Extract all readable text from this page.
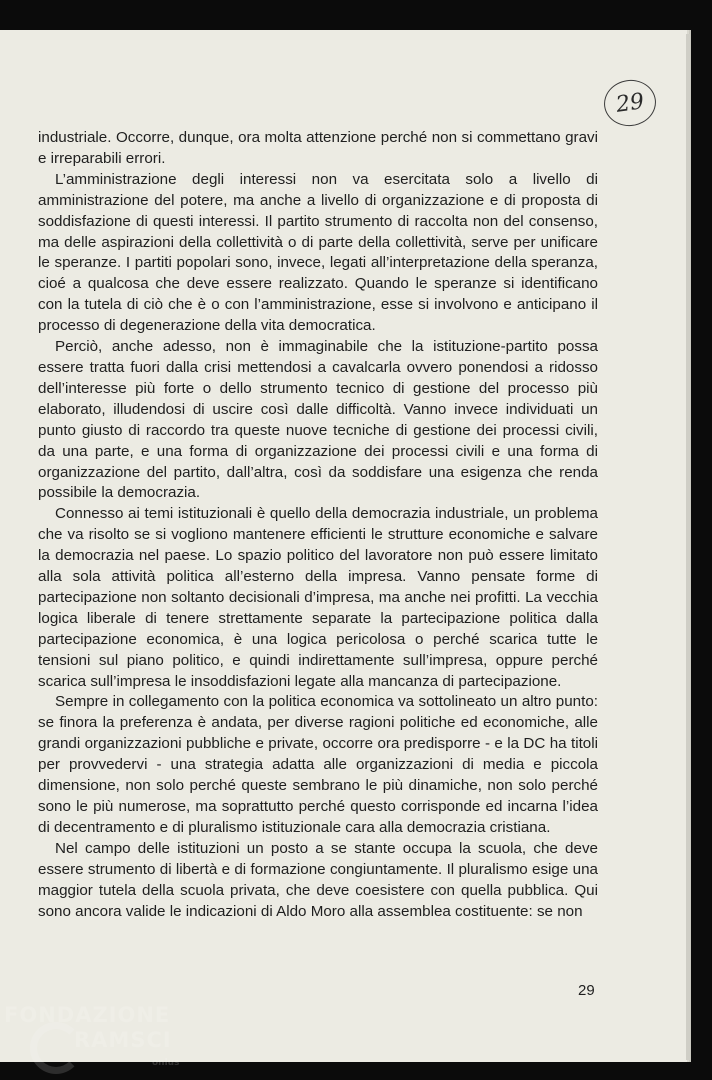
29

industriale. Occorre, dunque, ora molta attenzione perché non si commettano gravi e irreparabili errori.

L’amministrazione degli interessi non va esercitata solo a livello di amministrazione del potere, ma anche a livello di organizzazione e di proposta di soddisfazione di questi interessi. Il partito strumento di raccolta non del consenso, ma delle aspirazioni della collettività o di parte della collettività, serve per unificare le speranze. I partiti popolari sono, invece, legati all’interpretazione della speranza, cioé a qualcosa che deve essere realizzato. Quando le speranze si identificano con la tutela di ciò che è o con l’amministrazione, esse si involvono e anticipano il processo di degenerazione della vita democratica.

Perciò, anche adesso, non è immaginabile che la istituzione-partito possa essere tratta fuori dalla crisi mettendosi a cavalcarla ovvero ponendosi a ridosso dell’interesse più forte o dello strumento tecnico di gestione del processo più elaborato, illudendosi di uscire così dalle difficoltà. Vanno invece individuati un punto giusto di raccordo tra queste nuove tecniche di gestione dei processi civili, da una parte, e una forma di organizzazione dei processi civili e una forma di organizzazione del partito, dall’altra, così da soddisfare una esigenza che renda possibile la democrazia.

Connesso ai temi istituzionali è quello della democrazia industriale, un problema che va risolto se si vogliono mantenere efficienti le strutture economiche e salvare la democrazia nel paese. Lo spazio politico del lavoratore non può essere limitato alla sola attività politica all’esterno della impresa. Vanno pensate forme di partecipazione non soltanto decisionali d’impresa, ma anche nei profitti. La vecchia logica liberale di tenere strettamente separate la partecipazione politica dalla partecipazione economica, è una logica pericolosa o perché scarica tutte le tensioni sul piano politico, e quindi indirettamente sull’impresa, oppure perché scarica sull’impresa le insoddisfazioni legate alla mancanza di partecipazione.

Sempre in collegamento con la politica economica va sottolineato un altro punto: se finora la preferenza è andata, per diverse ragioni politiche ed economiche, alle grandi organizzazioni pubbliche e private, occorre ora predisporre - e la DC ha titoli per provvedervi - una strategia adatta alle organizzazioni di media e piccola dimensione, non solo perché queste sembrano le più dinamiche, non solo perché sono le più numerose, ma soprattutto perché questo corrisponde ed incarna l’idea di decentramento e di pluralismo istituzionale cara alla democrazia cristiana.

Nel campo delle istituzioni un posto a se stante occupa la scuola, che deve essere strumento di libertà e di formazione congiuntamente. Il pluralismo esige una maggior tutela della scuola privata, che deve coesistere con quella pubblica. Qui sono ancora valide le indicazioni di Aldo Moro alla assemblea costituente: se non

29
FONDAZIONE
RAMSCI
onlus
